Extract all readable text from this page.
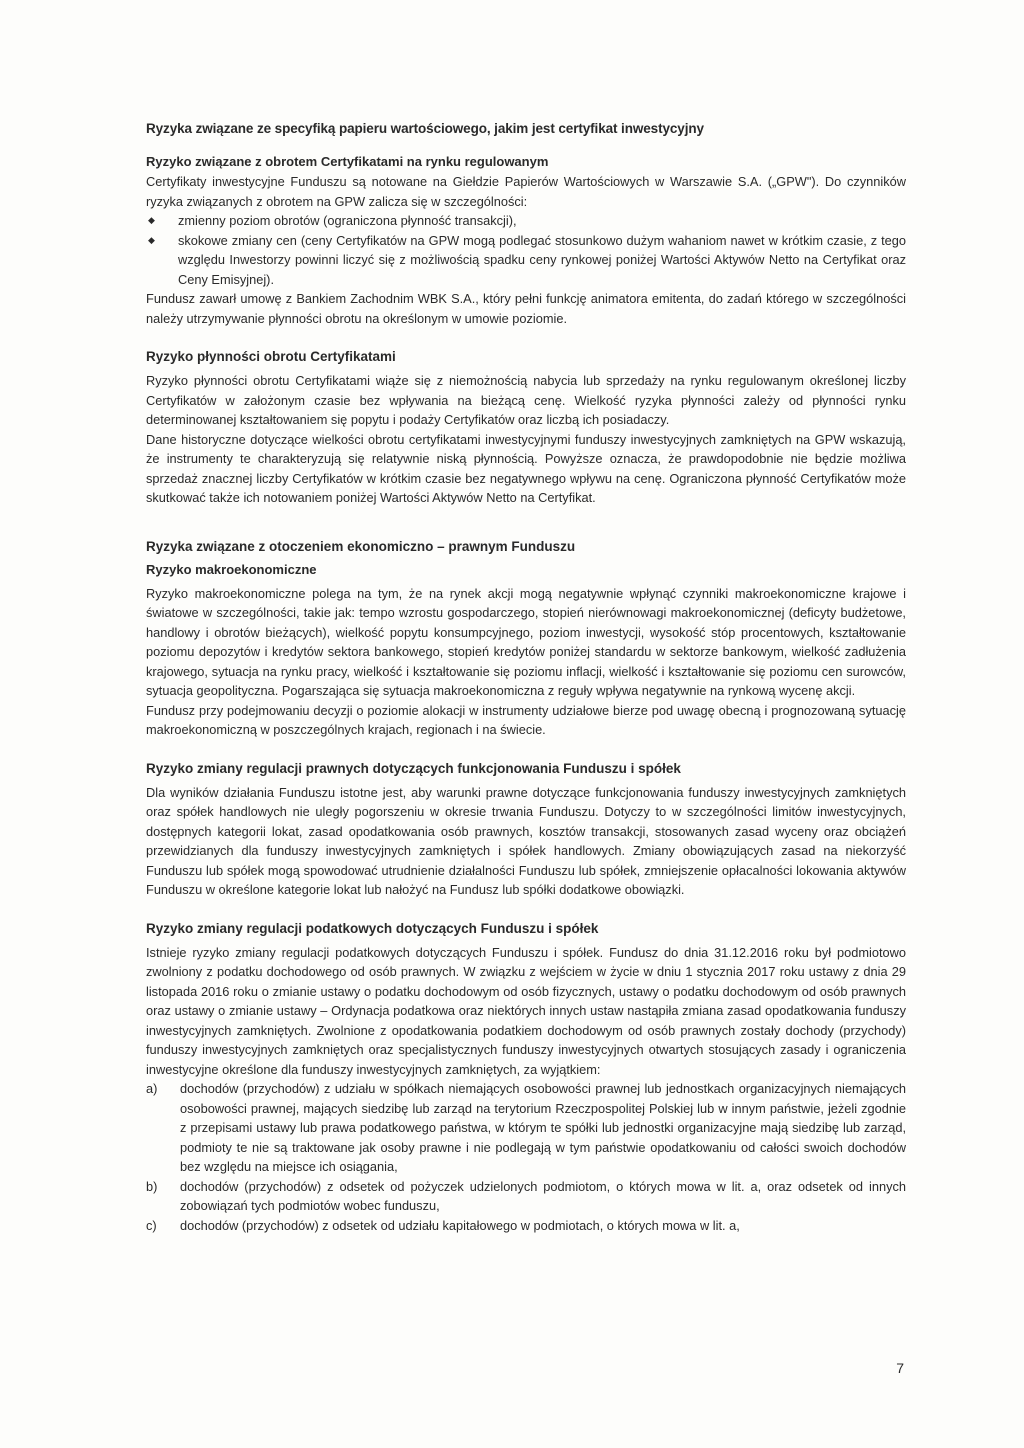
Ryzyka związane ze specyfiką papieru wartościowego, jakim jest certyfikat inwestycyjny
Ryzyko związane z obrotem Certyfikatami na rynku regulowanym

Certyfikaty inwestycyjne Funduszu są notowane na Giełdzie Papierów Wartościowych w Warszawie S.A. („GPW"). Do czynników ryzyka związanych z obrotem na GPW zalicza się w szczególności:

◆ zmienny poziom obrotów (ograniczona płynność transakcji),
◆ skokowe zmiany cen (ceny Certyfikatów na GPW mogą podlegać stosunkowo dużym wahaniom nawet w krótkim czasie, z tego względu Inwestorzy powinni liczyć się z możliwością spadku ceny rynkowej poniżej Wartości Aktywów Netto na Certyfikat oraz Ceny Emisyjnej).

Fundusz zawarł umowę z Bankiem Zachodnim WBK S.A., który pełni funkcję animatora emitenta, do zadań którego w szczególności należy utrzymywanie płynności obrotu na określonym w umowie poziomie.

Ryzyko płynności obrotu Certyfikatami

Ryzyko płynności obrotu Certyfikatami wiąże się z niemożnością nabycia lub sprzedaży na rynku regulowanym określonej liczby Certyfikatów w założonym czasie bez wpływania na bieżącą cenę. Wielkość ryzyka płynności zależy od płynności rynku determinowanej kształtowaniem się popytu i podaży Certyfikatów oraz liczbą ich posiadaczy.

Dane historyczne dotyczące wielkości obrotu certyfikatami inwestycyjnymi funduszy inwestycyjnych zamkniętych na GPW wskazują, że instrumenty te charakteryzują się relatywnie niską płynnością. Powyższe oznacza, że prawdopodobnie nie będzie możliwa sprzedaż znacznej liczby Certyfikatów w krótkim czasie bez negatywnego wpływu na cenę. Ograniczona płynność Certyfikatów może skutkować także ich notowaniem poniżej Wartości Aktywów Netto na Certyfikat.

Ryzyka związane z otoczeniem ekonomiczno – prawnym Funduszu
Ryzyko makroekonomiczne

Ryzyko makroekonomiczne polega na tym, że na rynek akcji mogą negatywnie wpłynąć czynniki makroekonomiczne krajowe i światowe w szczególności, takie jak: tempo wzrostu gospodarczego, stopień nierównowagi makroekonomicznej (deficyty budżetowe, handlowy i obrotów bieżących), wielkość popytu konsumpcyjnego, poziom inwestycji, wysokość stóp procentowych, kształtowanie poziomu depozytów i kredytów sektora bankowego, stopień kredytów poniżej standardu w sektorze bankowym, wielkość zadłużenia krajowego, sytuacja na rynku pracy, wielkość i kształtowanie się poziomu inflacji, wielkość i kształtowanie się poziomu cen surowców, sytuacja geopolityczna. Pogarszająca się sytuacja makroekonomiczna z reguły wpływa negatywnie na rynkową wycenę akcji.

Fundusz przy podejmowaniu decyzji o poziomie alokacji w instrumenty udziałowe bierze pod uwagę obecną i prognozowaną sytuację makroekonomiczną w poszczególnych krajach, regionach i na świecie.

Ryzyko zmiany regulacji prawnych dotyczących funkcjonowania Funduszu i spółek

Dla wyników działania Funduszu istotne jest, aby warunki prawne dotyczące funkcjonowania funduszy inwestycyjnych zamkniętych oraz spółek handlowych nie uległy pogorszeniu w okresie trwania Funduszu. Dotyczy to w szczególności limitów inwestycyjnych, dostępnych kategorii lokat, zasad opodatkowania osób prawnych, kosztów transakcji, stosowanych zasad wyceny oraz obciążeń przewidzianych dla funduszy inwestycyjnych zamkniętych i spółek handlowych. Zmiany obowiązujących zasad na niekorzyść Funduszu lub spółek mogą spowodować utrudnienie działalności Funduszu lub spółek, zmniejszenie opłacalności lokowania aktywów Funduszu w określone kategorie lokat lub nałożyć na Fundusz lub spółki dodatkowe obowiązki.

Ryzyko zmiany regulacji podatkowych dotyczących Funduszu i spółek

Istnieje ryzyko zmiany regulacji podatkowych dotyczących Funduszu i spółek. Fundusz do dnia 31.12.2016 roku był podmiotowo zwolniony z podatku dochodowego od osób prawnych. W związku z wejściem w życie w dniu 1 stycznia 2017 roku ustawy z dnia 29 listopada 2016 roku o zmianie ustawy o podatku dochodowym od osób fizycznych, ustawy o podatku dochodowym od osób prawnych oraz ustawy o zmianie ustawy – Ordynacja podatkowa oraz niektórych innych ustaw nastąpiła zmiana zasad opodatkowania funduszy inwestycyjnych zamkniętych. Zwolnione z opodatkowania podatkiem dochodowym od osób prawnych zostały dochody (przychody) funduszy inwestycyjnych zamkniętych oraz specjalistycznych funduszy inwestycyjnych otwartych stosujących zasady i ograniczenia inwestycyjne określone dla funduszy inwestycyjnych zamkniętych, za wyjątkiem:

a) dochodów (przychodów) z udziału w spółkach niemających osobowości prawnej lub jednostkach organizacyjnych niemających osobowości prawnej, mających siedzibę lub zarząd na terytorium Rzeczpospolitej Polskiej lub w innym państwie, jeżeli zgodnie z przepisami ustawy lub prawa podatkowego państwa, w którym te spółki lub jednostki organizacyjne mają siedzibę lub zarząd, podmioty te nie są traktowane jak osoby prawne i nie podlegają w tym państwie opodatkowaniu od całości swoich dochodów bez względu na miejsce ich osiągania,
b) dochodów (przychodów) z odsetek od pożyczek udzielonych podmiotom, o których mowa w lit. a, oraz odsetek od innych zobowiązań tych podmiotów wobec funduszu,
c) dochodów (przychodów) z odsetek od udziału kapitałowego w podmiotach, o których mowa w lit. a,
7
